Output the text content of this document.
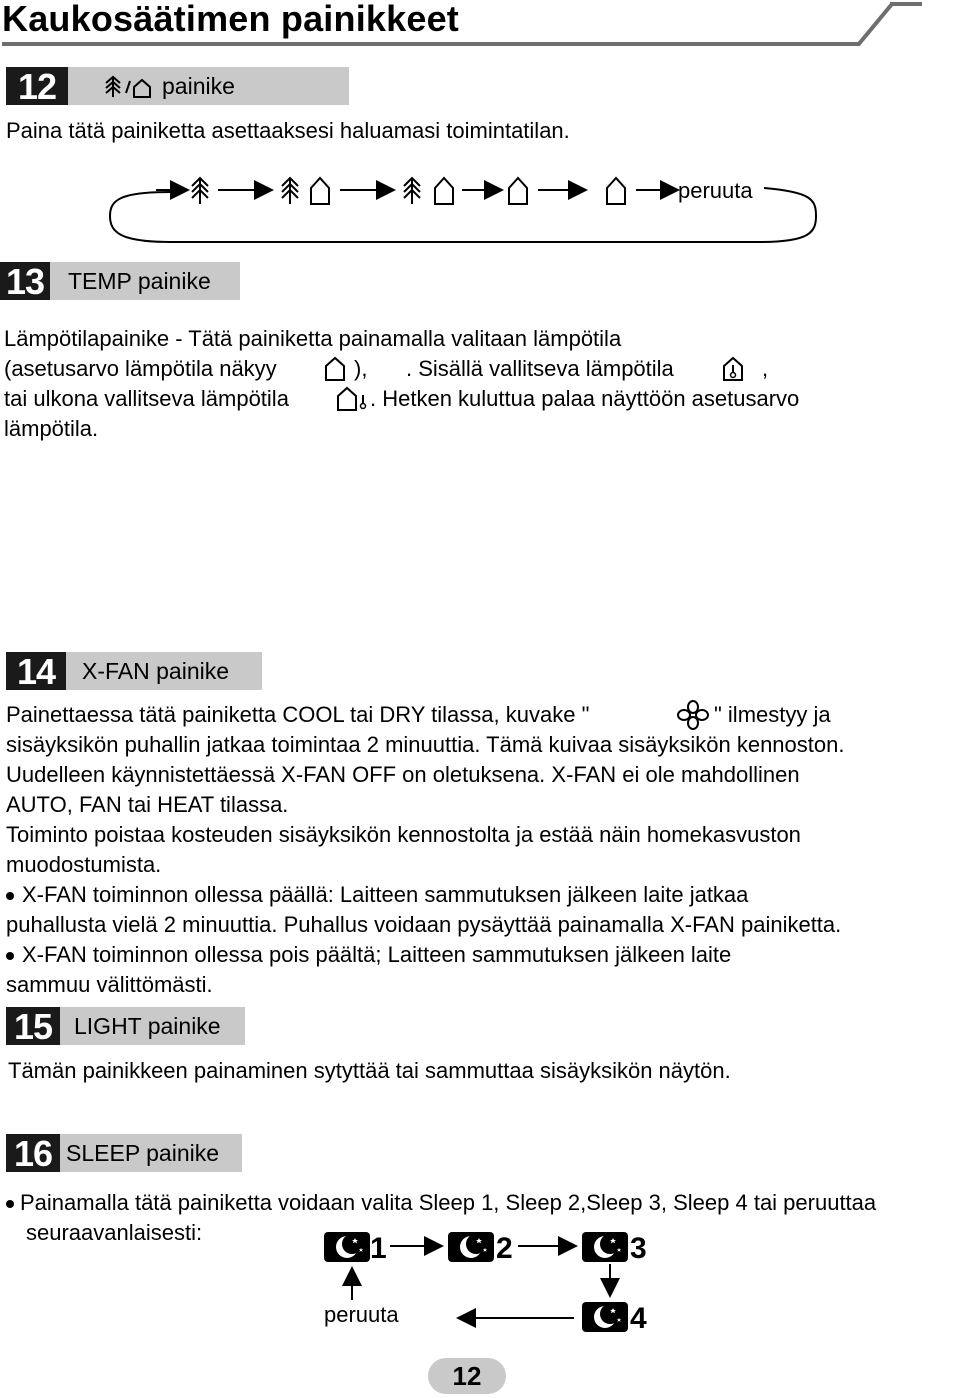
Kaukosäätimen painikkeet
12	painike
Paina tätä painiketta asettaaksesi haluamasi toimintatilan.
peruuta
13 TEMP painike
Lämpötilapainike - Tätä painiketta painamalla valitaan lämpötila
(asetusarvo lämpötila näkyy	), . Sisällä vallitseva lämpötila	,
tai ulkona vallitseva lämpötila	. Hetken kuluttua palaa näyttöön asetusarvo
lämpötila.
14	X-FAN painike
Painettaessa tätä painiketta COOL tai DRY tilassa, kuvake "	" ilmestyy ja
sisäyksikön puhallin jatkaa toimintaa 2 minuuttia. Tämä kuivaa sisäyksikön kennoston.
Uudelleen käynnistettäessä X-FAN OFF on oletuksena. X-FAN ei ole mahdollinen
AUTO, FAN tai HEAT tilassa.
Toiminto poistaa kosteuden sisäyksikön kennostolta ja estää näin homekasvuston
muodostumista.
X-FAN toiminnon ollessa päällä: Laitteen sammutuksen jälkeen laite jatkaa
puhallusta vielä 2 minuuttia. Puhallus voidaan pysäyttää painamalla X-FAN painiketta.
X-FAN toiminnon ollessa pois päältä; Laitteen sammutuksen jälkeen laite
sammuu välittömästi.
15 LIGHT painike
Tämän painikkeen painaminen sytyttää tai sammuttaa sisäyksikön näytön.
16 SLEEP painike
Painamalla tätä painiketta voidaan valita Sleep 1, Sleep 2,Sleep 3, Sleep 4 tai peruuttaa
seuraavanlaisesti:	1	2	3
4
peruuta
12
